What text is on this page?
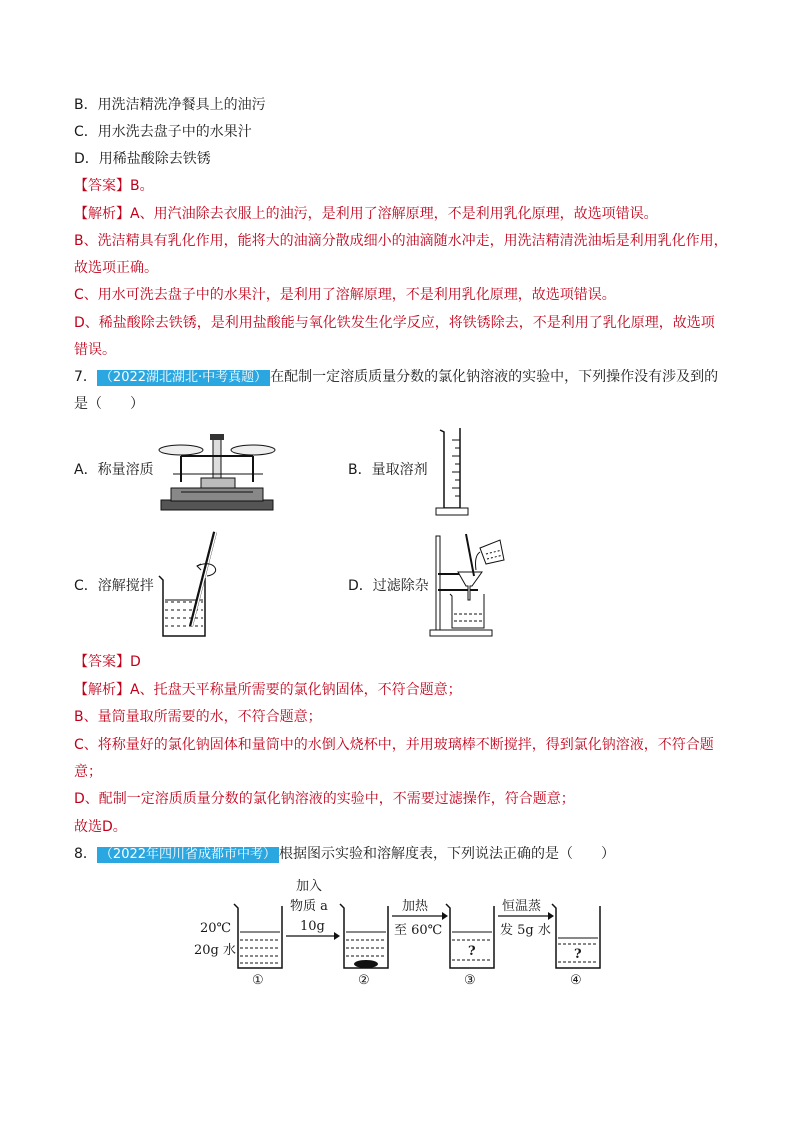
B．用洗洁精洗净餐具上的油污
C．用水洗去盘子中的水果汁
D．用稀盐酸除去铁锈
【答案】B。
【解析】A、用汽油除去衣服上的油污，是利用了溶解原理，不是利用乳化原理，故选项错误。
B、洗洁精具有乳化作用，能将大的油滴分散成细小的油滴随水冲走，用洗洁精清洗油垢是利用乳化作用，
故选项正确。
C、用水可洗去盘子中的水果汁，是利用了溶解原理，不是利用乳化原理，故选项错误。
D、稀盐酸除去铁锈，是利用盐酸能与氧化铁发生化学反应，将铁锈除去，不是利用了乳化原理，故选项
错误。
7． （2022湖北湖北·中考真题） 在配制一定溶质质量分数的氯化钠溶液的实验中，下列操作没有涉及到的
是（　　）
A．称量溶质	B．量取溶剂
C．溶解搅拌	D．过滤除杂
【答案】D
【解析】A、托盘天平称量所需要的氯化钠固体，不符合题意；
B、量筒量取所需要的水，不符合题意；
C、将称量好的氯化钠固体和量筒中的水倒入烧杯中，并用玻璃棒不断搅拌，得到氯化钠溶液，不符合题
意；
D、配制一定溶质质量分数的氯化钠溶液的实验中，不需要过滤操作，符合题意；
故选D。
8． （2022年四川省成都市中考） 根据图示实验和溶解度表，下列说法正确的是（　　）
20℃
20g 水
①
加入
物质 a
10g
②
加热
至 60℃
?
③
恒温蒸
发 5g 水
?
④
